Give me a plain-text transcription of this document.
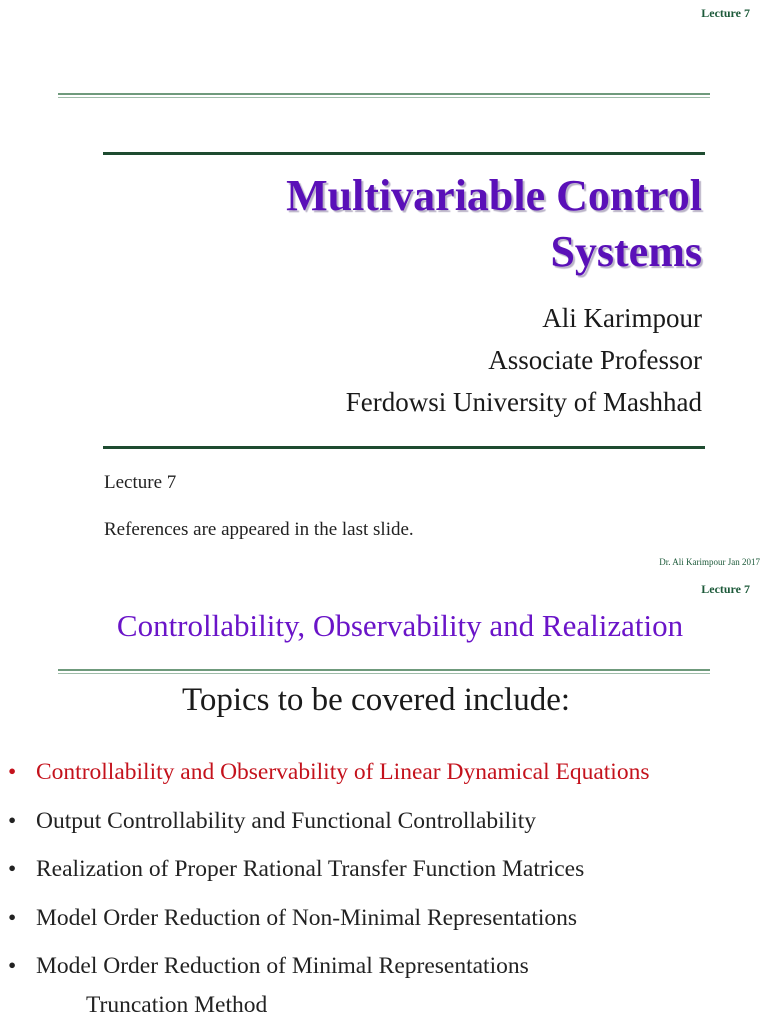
Lecture 7
Multivariable Control
Systems
Ali Karimpour
Associate Professor
Ferdowsi University of Mashhad
Lecture 7
References are appeared in the last slide.
Dr. Ali Karimpour Jan 2017
Lecture 7
Controllability, Observability and Realization
Topics to be covered include:
• Controllability and Observability of Linear Dynamical Equations
• Output Controllability and Functional Controllability
• Realization of Proper Rational Transfer Function Matrices
• Model Order Reduction of Non-Minimal Representations
• Model Order Reduction of Minimal Representations
Truncation Method
